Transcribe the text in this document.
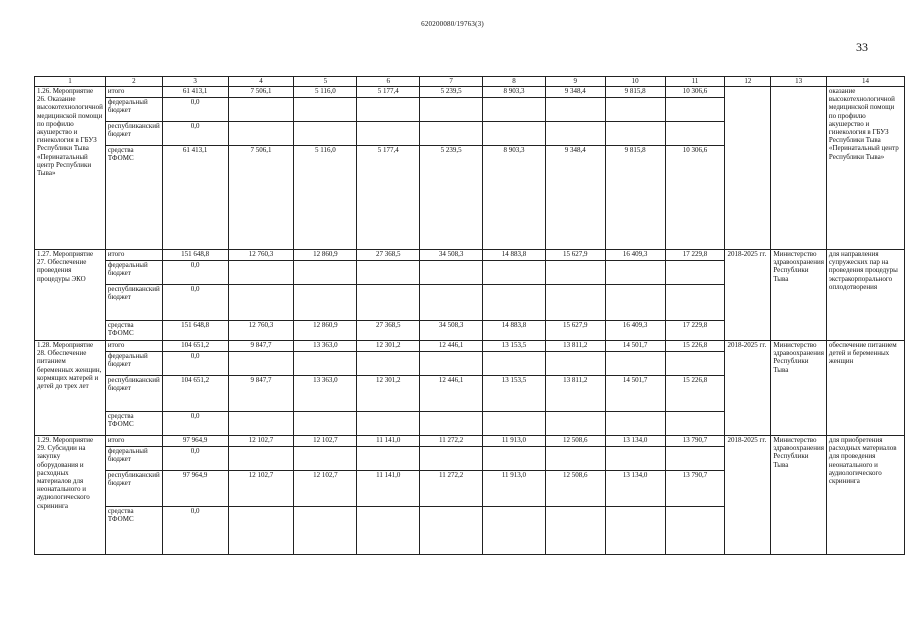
620200080/19763(3)
33
1	2	3	4	5	6	7	8	9	10	11	12	13	14
1.26. Мероприятие 26. Оказание высокотехнологичной медицинской помощи по профилю акушерство и гинекология в ГБУЗ Республики Тыва «Перинатальный центр Республики Тыва»	итого	61 413,1	7 506,1	5 116,0	5 177,4	5 239,5	8 903,3	9 348,4	9 815,8	10 306,6			оказание высокотехнологичной медицинской помощи по профилю акушерство и гинекология в ГБУЗ Республики Тыва «Перинатальный центр Республики Тыва»
	федеральный бюджет	0,0											
	республиканский бюджет	0,0											
	средства ТФОМС	61 413,1	7 506,1	5 116,0	5 177,4	5 239,5	8 903,3	9 348,4	9 815,8	10 306,6			
1.27. Мероприятие 27. Обеспечение проведения процедуры ЭКО	итого	151 648,8	12 760,3	12 860,9	27 368,5	34 508,3	14 883,8	15 627,9	16 409,3	17 229,8	2018-2025 гг.	Министерство здравоохранения Республики Тыва	для направления супружеских пар на проведения процедуры экстракорпорального оплодотворения
	федеральный бюджет	0,0											
	республиканский бюджет	0,0											
	средства ТФОМС	151 648,8	12 760,3	12 860,9	27 368,5	34 508,3	14 883,8	15 627,9	16 409,3	17 229,8			
1.28. Мероприятие 28. Обеспечение питанием беременных женщин, кормящих матерей и детей до трех лет	итого	104 651,2	9 847,7	13 363,0	12 301,2	12 446,1	13 153,5	13 811,2	14 501,7	15 226,8	2018-2025 гг.	Министерство здравоохранения Республики Тыва	обеспечение питанием детей и беременных женщин
	федеральный бюджет	0,0											
	республиканский бюджет	104 651,2	9 847,7	13 363,0	12 301,2	12 446,1	13 153,5	13 811,2	14 501,7	15 226,8			
	средства ТФОМС	0,0											
1.29. Мероприятие 29. Субсидии на закупку оборудования и расходных материалов для неонатального и аудиологического скрининга	итого	97 964,9	12 102,7	12 102,7	11 141,0	11 272,2	11 913,0	12 508,6	13 134,0	13 790,7	2018-2025 гг.	Министерство здравоохранения Республики Тыва	для приобретения расходных материалов для проведения неонатального и аудиологического скрининга
	федеральный бюджет	0,0											
	республиканский бюджет	97 964,9	12 102,7	12 102,7	11 141,0	11 272,2	11 913,0	12 508,6	13 134,0	13 790,7			
	средства ТФОМС	0,0											
